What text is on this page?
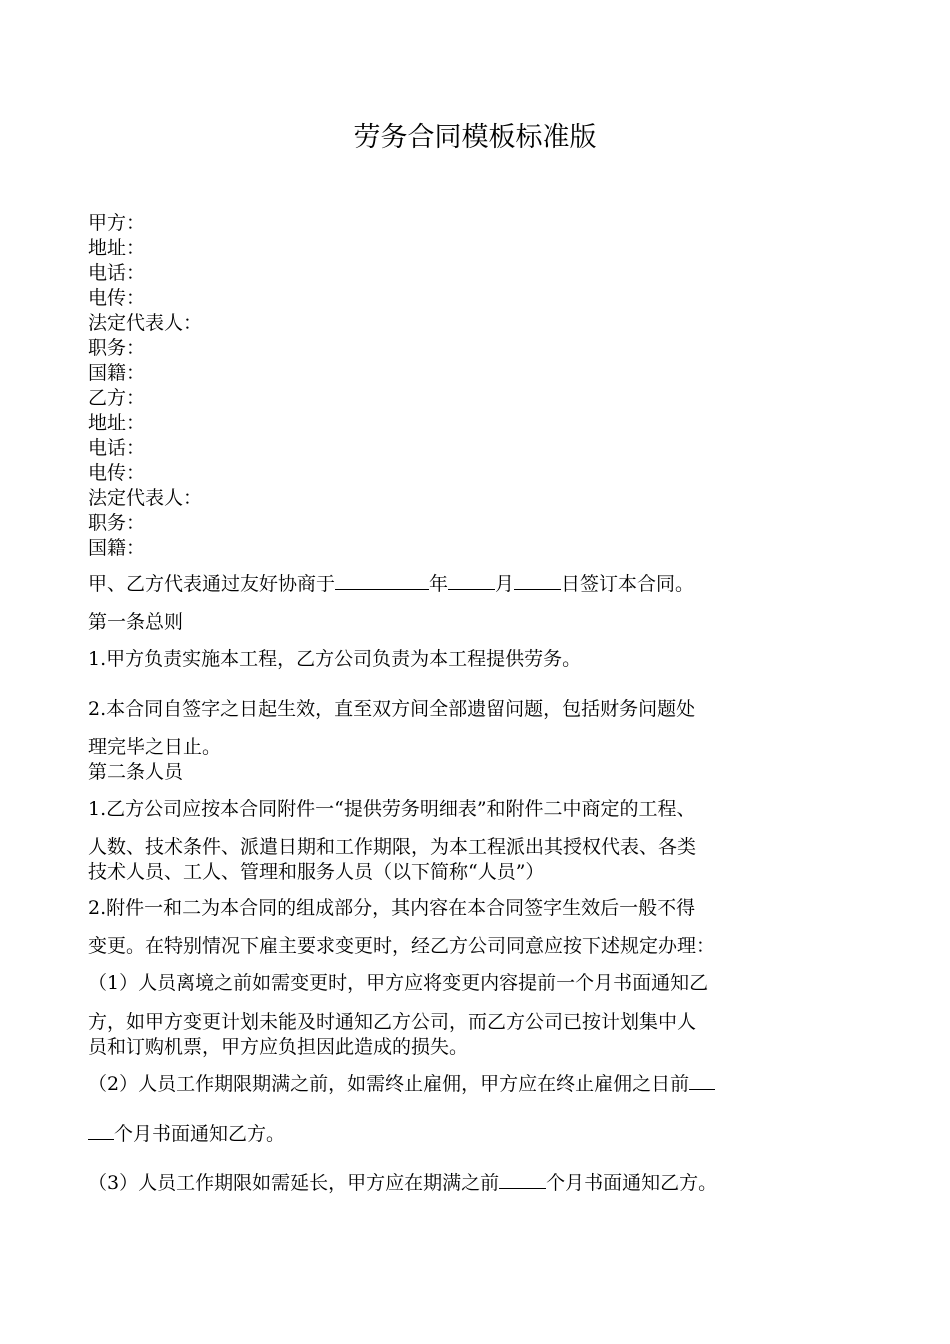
劳务合同模板标准版
甲方：
地址：
电话：
电传：
法定代表人：
职务：
国籍：
乙方：
地址：
电话：
电传：
法定代表人：
职务：
国籍：
甲、乙方代表通过友好协商于	年 月 日签订本合同。
第一条总则
1.甲方负责实施本工程，乙方公司负责为本工程提供劳务。
2.本合同自签字之日起生效，直至双方间全部遗留问题，包括财务问题处
理完毕之日止。
第二条人员
1.乙方公司应按本合同附件一“提供劳务明细表”和附件二中商定的工程、
人数、技术条件、派遣日期和工作期限，为本工程派出其授权代表、各类
技术人员、工人、管理和服务人员（以下简称“人员”）
2.附件一和二为本合同的组成部分，其内容在本合同签字生效后一般不得
变更。在特别情况下雇主要求变更时，经乙方公司同意应按下述规定办理：
（1）人员离境之前如需变更时，甲方应将变更内容提前一个月书面通知乙
方，如甲方变更计划未能及时通知乙方公司，而乙方公司已按计划集中人
员和订购机票，甲方应负担因此造成的损失。
（2）人员工作期限期满之前，如需终止雇佣，甲方应在终止雇佣之日前
个月书面通知乙方。
（3）人员工作期限如需延长，甲方应在期满之前 个月书面通知乙方。
